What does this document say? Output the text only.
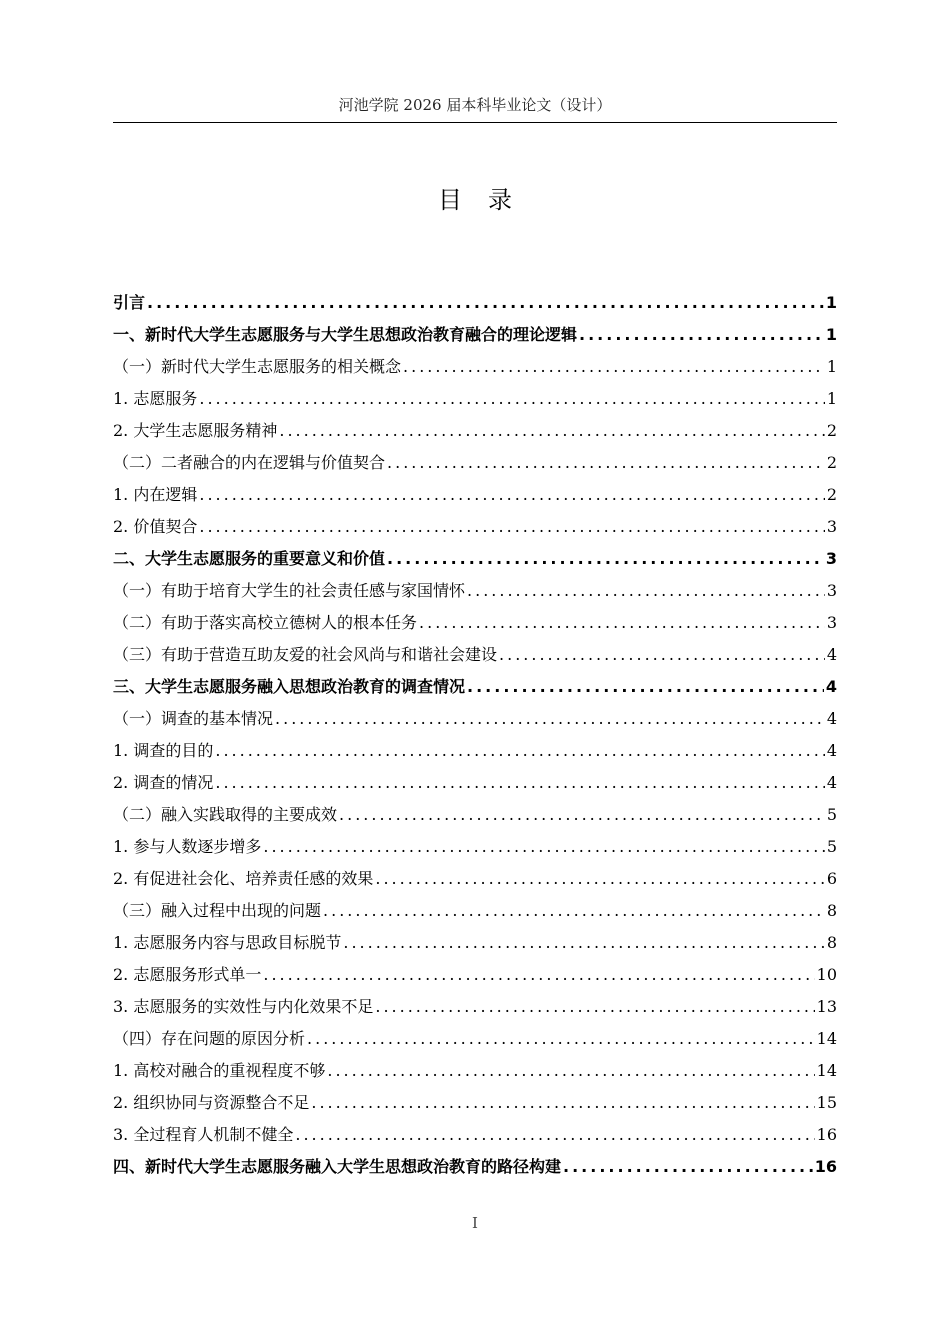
河池学院 2026 届本科毕业论文（设计）
目录
引言 .....	1
一、新时代大学生志愿服务与大学生思想政治教育融合的理论逻辑 .....	1
（一）新时代大学生志愿服务的相关概念 .....	1
1. 志愿服务 .....	1
2. 大学生志愿服务精神 .....	2
（二）二者融合的内在逻辑与价值契合 .....	2
1. 内在逻辑 .....	2
2. 价值契合 .....	3
二、大学生志愿服务的重要意义和价值 .....	3
（一）有助于培育大学生的社会责任感与家国情怀 .....	3
（二）有助于落实高校立德树人的根本任务 .....	3
（三）有助于营造互助友爱的社会风尚与和谐社会建设 .....	4
三、大学生志愿服务融入思想政治教育的调查情况 .....	4
（一）调查的基本情况 .....	4
1. 调查的目的 .....	4
2. 调查的情况 .....	4
（二）融入实践取得的主要成效 .....	5
1. 参与人数逐步增多 .....	5
2. 有促进社会化、培养责任感的效果 .....	6
（三）融入过程中出现的问题 .....	8
1. 志愿服务内容与思政目标脱节 .....	8
2. 志愿服务形式单一 .....	10
3. 志愿服务的实效性与内化效果不足 .....	13
（四）存在问题的原因分析 .....	14
1. 高校对融合的重视程度不够 .....	14
2. 组织协同与资源整合不足 .....	15
3. 全过程育人机制不健全 .....	16
四、新时代大学生志愿服务融入大学生思想政治教育的路径构建 .....	16
I
